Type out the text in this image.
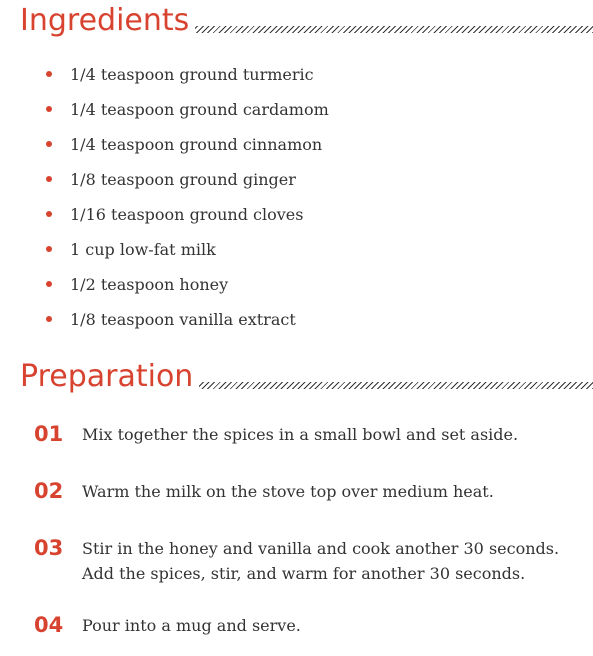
Ingredients
1/4 teaspoon ground turmeric
1/4 teaspoon ground cardamom
1/4 teaspoon ground cinnamon
1/8 teaspoon ground ginger
1/16 teaspoon ground cloves
1 cup low-fat milk
1/2 teaspoon honey
1/8 teaspoon vanilla extract
Preparation
01 Mix together the spices in a small bowl and set aside.
02 Warm the milk on the stove top over medium heat.
03 Stir in the honey and vanilla and cook another 30 seconds. Add the spices, stir, and warm for another 30 seconds.
04 Pour into a mug and serve.
